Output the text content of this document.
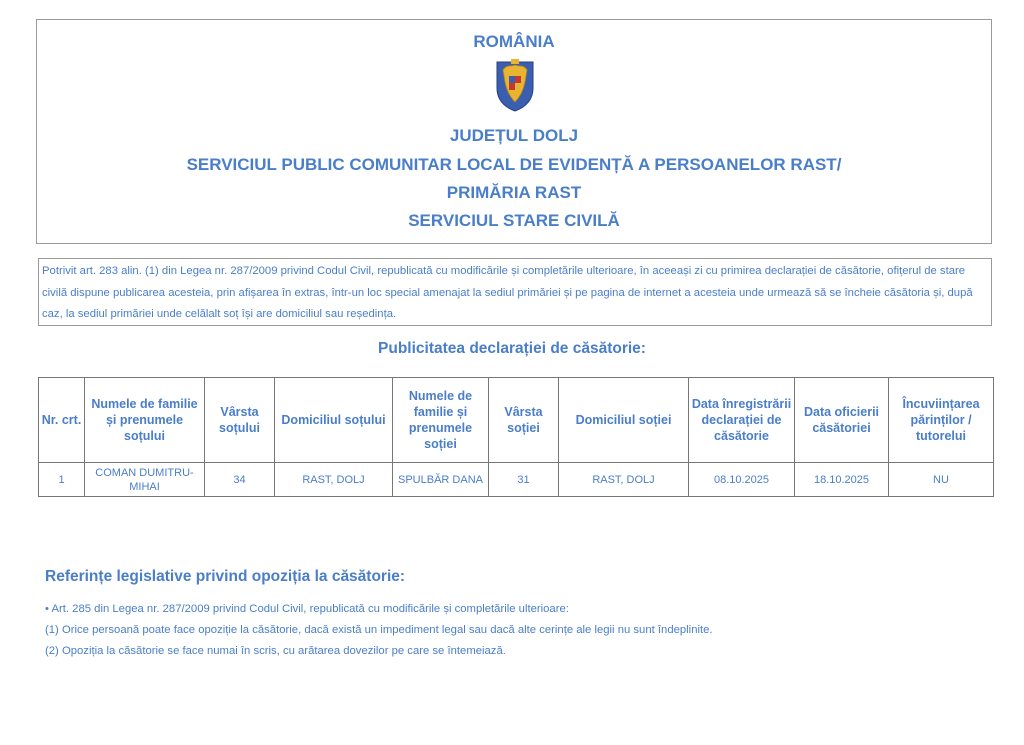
ROMÂNIA
JUDEȚUL DOLJ
SERVICIUL PUBLIC COMUNITAR LOCAL DE EVIDENȚĂ A PERSOANELOR RAST/
PRIMĂRIA RAST
SERVICIUL STARE CIVILĂ
Potrivit art. 283 alin. (1) din Legea nr. 287/2009 privind Codul Civil, republicată cu modificările și completările ulterioare, în aceeași zi cu primirea declarației de căsătorie, ofițerul de stare civilă dispune publicarea acesteia, prin afișarea în extras, într-un loc special amenajat la sediul primăriei și pe pagina de internet a acesteia unde urmează să se încheie căsătoria și, după caz, la sediul primăriei unde celălalt soț își are domiciliul sau reședința.
Publicitatea declarației de căsătorie:
Nr. crt.	Numele de familie și prenumele soțului	Vârsta soțului	Domiciliul soțului	Numele de familie și prenumele soției	Vârsta soției	Domiciliul soției	Data înregistrării declarației de căsătorie	Data oficierii căsătoriei	Încuviințarea părinților / tutorelui
1	COMAN DUMITRU-MIHAI	34	RAST, DOLJ	SPULBĂR DANA	31	RAST, DOLJ	08.10.2025	18.10.2025	NU
Referințe legislative privind opoziția la căsătorie:
• Art. 285 din Legea nr. 287/2009 privind Codul Civil, republicată cu modificările și completările ulterioare:
(1) Orice persoană poate face opoziție la căsătorie, dacă există un impediment legal sau dacă alte cerințe ale legii nu sunt îndeplinite.
(2) Opoziția la căsătorie se face numai în scris, cu arătarea dovezilor pe care se întemeiază.
